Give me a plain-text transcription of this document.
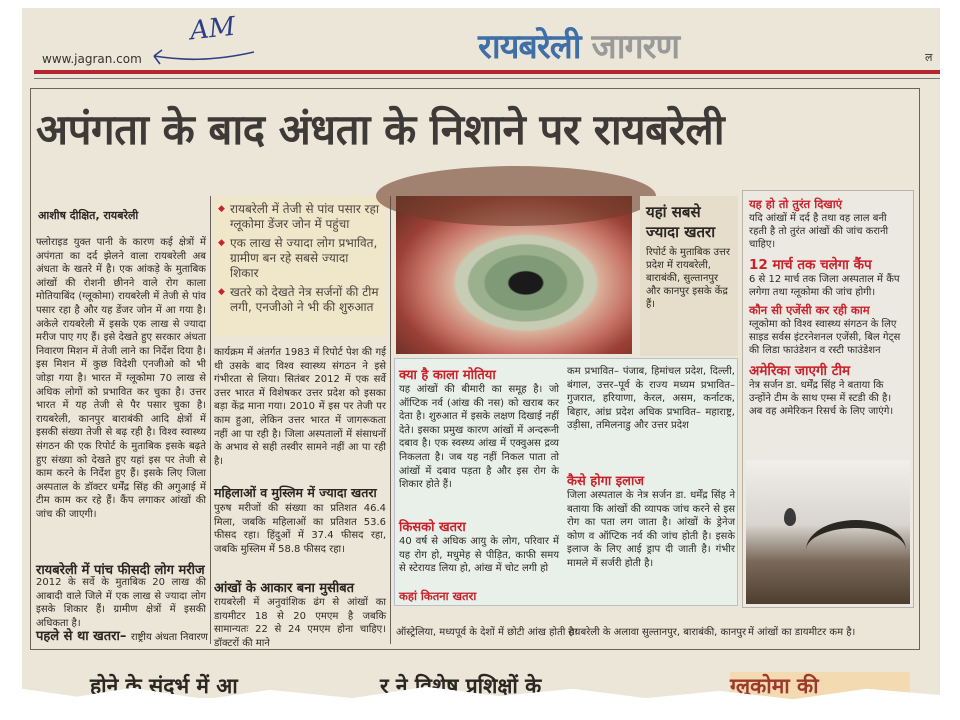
AM
www.jagran.com	रायबरेली जागरण	ल
अपंगता के बाद अंधता के निशाने पर रायबरेली
आशीष दीक्षित, रायबरेली
फ्लोराइड युक्त पानी के कारण कई क्षेत्रों में अपंगता का दर्द झेलने वाला रायबरेली अब अंधता के खतरे में है। एक आंकड़े के मुताबिक आंखों की रोशनी छीनने वाले रोग काला मोतियाबिंद (ग्लूकोमा) रायबरेली में तेजी से पांव पसार रहा है और यह डेंजर जोन में आ गया है। अकेले रायबरेली में इसके एक लाख से ज्यादा मरीज पाए गए हैं। इसे देखते हुए सरकार अंधता निवारण मिशन में तेजी लाने का निर्देश दिया है। इस मिशन में कुछ विदेशी एनजीओ को भी जोड़ा गया है। भारत में ग्लूकोमा 70 लाख से अधिक लोगों को प्रभावित कर चुका है। उत्तर भारत में यह तेजी से पैर पसार चुका है। रायबरेली, कानपुर बाराबंकी आदि क्षेत्रों में इसकी संख्या तेजी से बढ़ रही है। विश्व स्वास्थ्य संगठन की एक रिपोर्ट के मुताबिक इसके बढ़ते हुए संख्या को देखते हुए यहां इस पर तेजी से काम करने के निर्देश हुए हैं। इसके लिए जिला अस्पताल के डॉक्टर धर्मेंद्र सिंह की अगुआई में टीम काम कर रहे हैं। कैंप लगाकर आंखों की जांच की जाएगी।
रायबरेली में पांच फीसदी लोग मरीज
2012 के सर्वे के मुताबिक 20 लाख की आबादी वाले जिले में एक लाख से ज्यादा लोग इसके शिकार हैं। ग्रामीण क्षेत्रों में इसकी अधिकता है।
पहले से था खतरा– राष्ट्रीय अंधता निवारण
◆ रायबरेली में तेजी से पांव पसार रहा ग्लूकोमा डेंजर जोन में पहुंचा
◆ एक लाख से ज्यादा लोग प्रभावित, ग्रामीण बन रहे सबसे ज्यादा शिकार
◆ खतरे को देखते नेत्र सर्जनों की टीम लगी, एनजीओ ने भी की शुरुआत
कार्यक्रम में अंतर्गत 1983 में रिपोर्ट पेश की गई थी उसके बाद विश्व स्वास्थ्य संगठन ने इसे गंभीरता से लिया। सितंबर 2012 में एक सर्वे उत्तर भारत में विशेषकर उत्तर प्रदेश को इसका बड़ा केंद्र माना गया। 2010 में इस पर तेजी पर काम हुआ, लेकिन उत्तर भारत में जागरूकता नहीं आ पा रही है। जिला अस्पतालों में संसाधनों के अभाव से सही तस्वीर सामने नहीं आ पा रही है।
महिलाओं व मुस्लिम में ज्यादा खतरा
पुरुष मरीजों की संख्या का प्रतिशत 46.4 मिला, जबकि महिलाओं का प्रतिशत 53.6 फीसद रहा। हिंदुओं में 37.4 फीसद रहा, जबकि मुस्लिम में 58.8 फीसद रहा।
आंखों के आकार बना मुसीबत
रायबरेली में अनुवांशिक ढंग से आंखों का डायमीटर 18 से 20 एमएम है जबकि सामान्यतः 22 से 24 एमएम होना चाहिए। डॉक्टरों की माने
यहां सबसे ज्यादा खतरा
रिपोर्ट के मुताबिक उत्तर प्रदेश में रायबरेली, बाराबंकी, सुल्तानपुर और कानपुर इसके केंद्र हैं।
क्या है काला मोतिया
यह आंखों की बीमारी का समूह है। जो ऑप्टिक नर्व (आंख की नस) को खराब कर देता है। शुरुआत में इसके लक्षण दिखाई नहीं देते। इसका प्रमुख कारण आंखों में अन्दरूनी दबाव है। एक स्वस्थ्य आंख में एक्वुअस द्रव्य निकलता है। जब यह नहीं निकल पाता तो आंखों में दबाव पड़ता है और इस रोग के शिकार होते हैं।
किसको खतरा
40 वर्ष से अधिक आयु के लोग, परिवार में यह रोग हो, मधुमेह से पीड़ित, काफी समय से स्टेरायड लिया हो, आंख में चोट लगी हो
कहां कितना खतरा
कम प्रभावित– पंजाब, हिमांचल प्रदेश, दिल्ली, बंगाल, उत्तर–पूर्व के राज्य मध्यम प्रभावित– गुजरात, हरियाणा, केरल, असम, कर्नाटक, बिहार, आंध्र प्रदेश अधिक प्रभावित– महाराष्ट्र, उड़ीसा, तमिलनाडु और उत्तर प्रदेश
कैसे होगा इलाज
जिला अस्पताल के नेत्र सर्जन डा. धर्मेंद्र सिंह ने बताया कि आंखों की व्यापक जांच करने से इस रोग का पता लग जाता है। आंखों के ड्रेनेज कोण व ऑप्टिक नर्व की जांच होती है। इसके इलाज के लिए आई ड्राप दी जाती है। गंभीर मामले में सर्जरी होती है।
यह हो तो तुरंत दिखाएं
यदि आंखों में दर्द है तथा वह लाल बनी रहती है तो तुरंत आंखों की जांच करानी चाहिए।
12 मार्च तक चलेगा कैंप
6 से 12 मार्च तक जिला अस्पताल में कैंप लगेगा तथा ग्लूकोमा की जांच होगी।
कौन सी एजेंसी कर रही काम
ग्लूकोमा को विश्व स्वास्थ्य संगठन के लिए साइड सर्वस इंटरनेशनल एजेंसी, बिल गेट्स की लिडा फाउंडेशन व रस्टी फाउंडेशन
अमेरिका जाएगी टीम
नेत्र सर्जन डा. धर्मेंद्र सिंह ने बताया कि उन्होंने टीम के साथ एम्स में स्टडी की है। अब वह अमेरिकन रिसर्च के लिए जाएंगे।
ऑस्ट्रेलिया, मध्यपूर्व के देशों में छोटी आंख होती है।
रायबरेली के अलावा सुल्तानपुर, बाराबंकी, कानपुर में आंखों का डायमीटर कम है।
होने के संदर्भ में आ	र ने विशेष प्रशिक्षों के	ग्लूकोमा की
